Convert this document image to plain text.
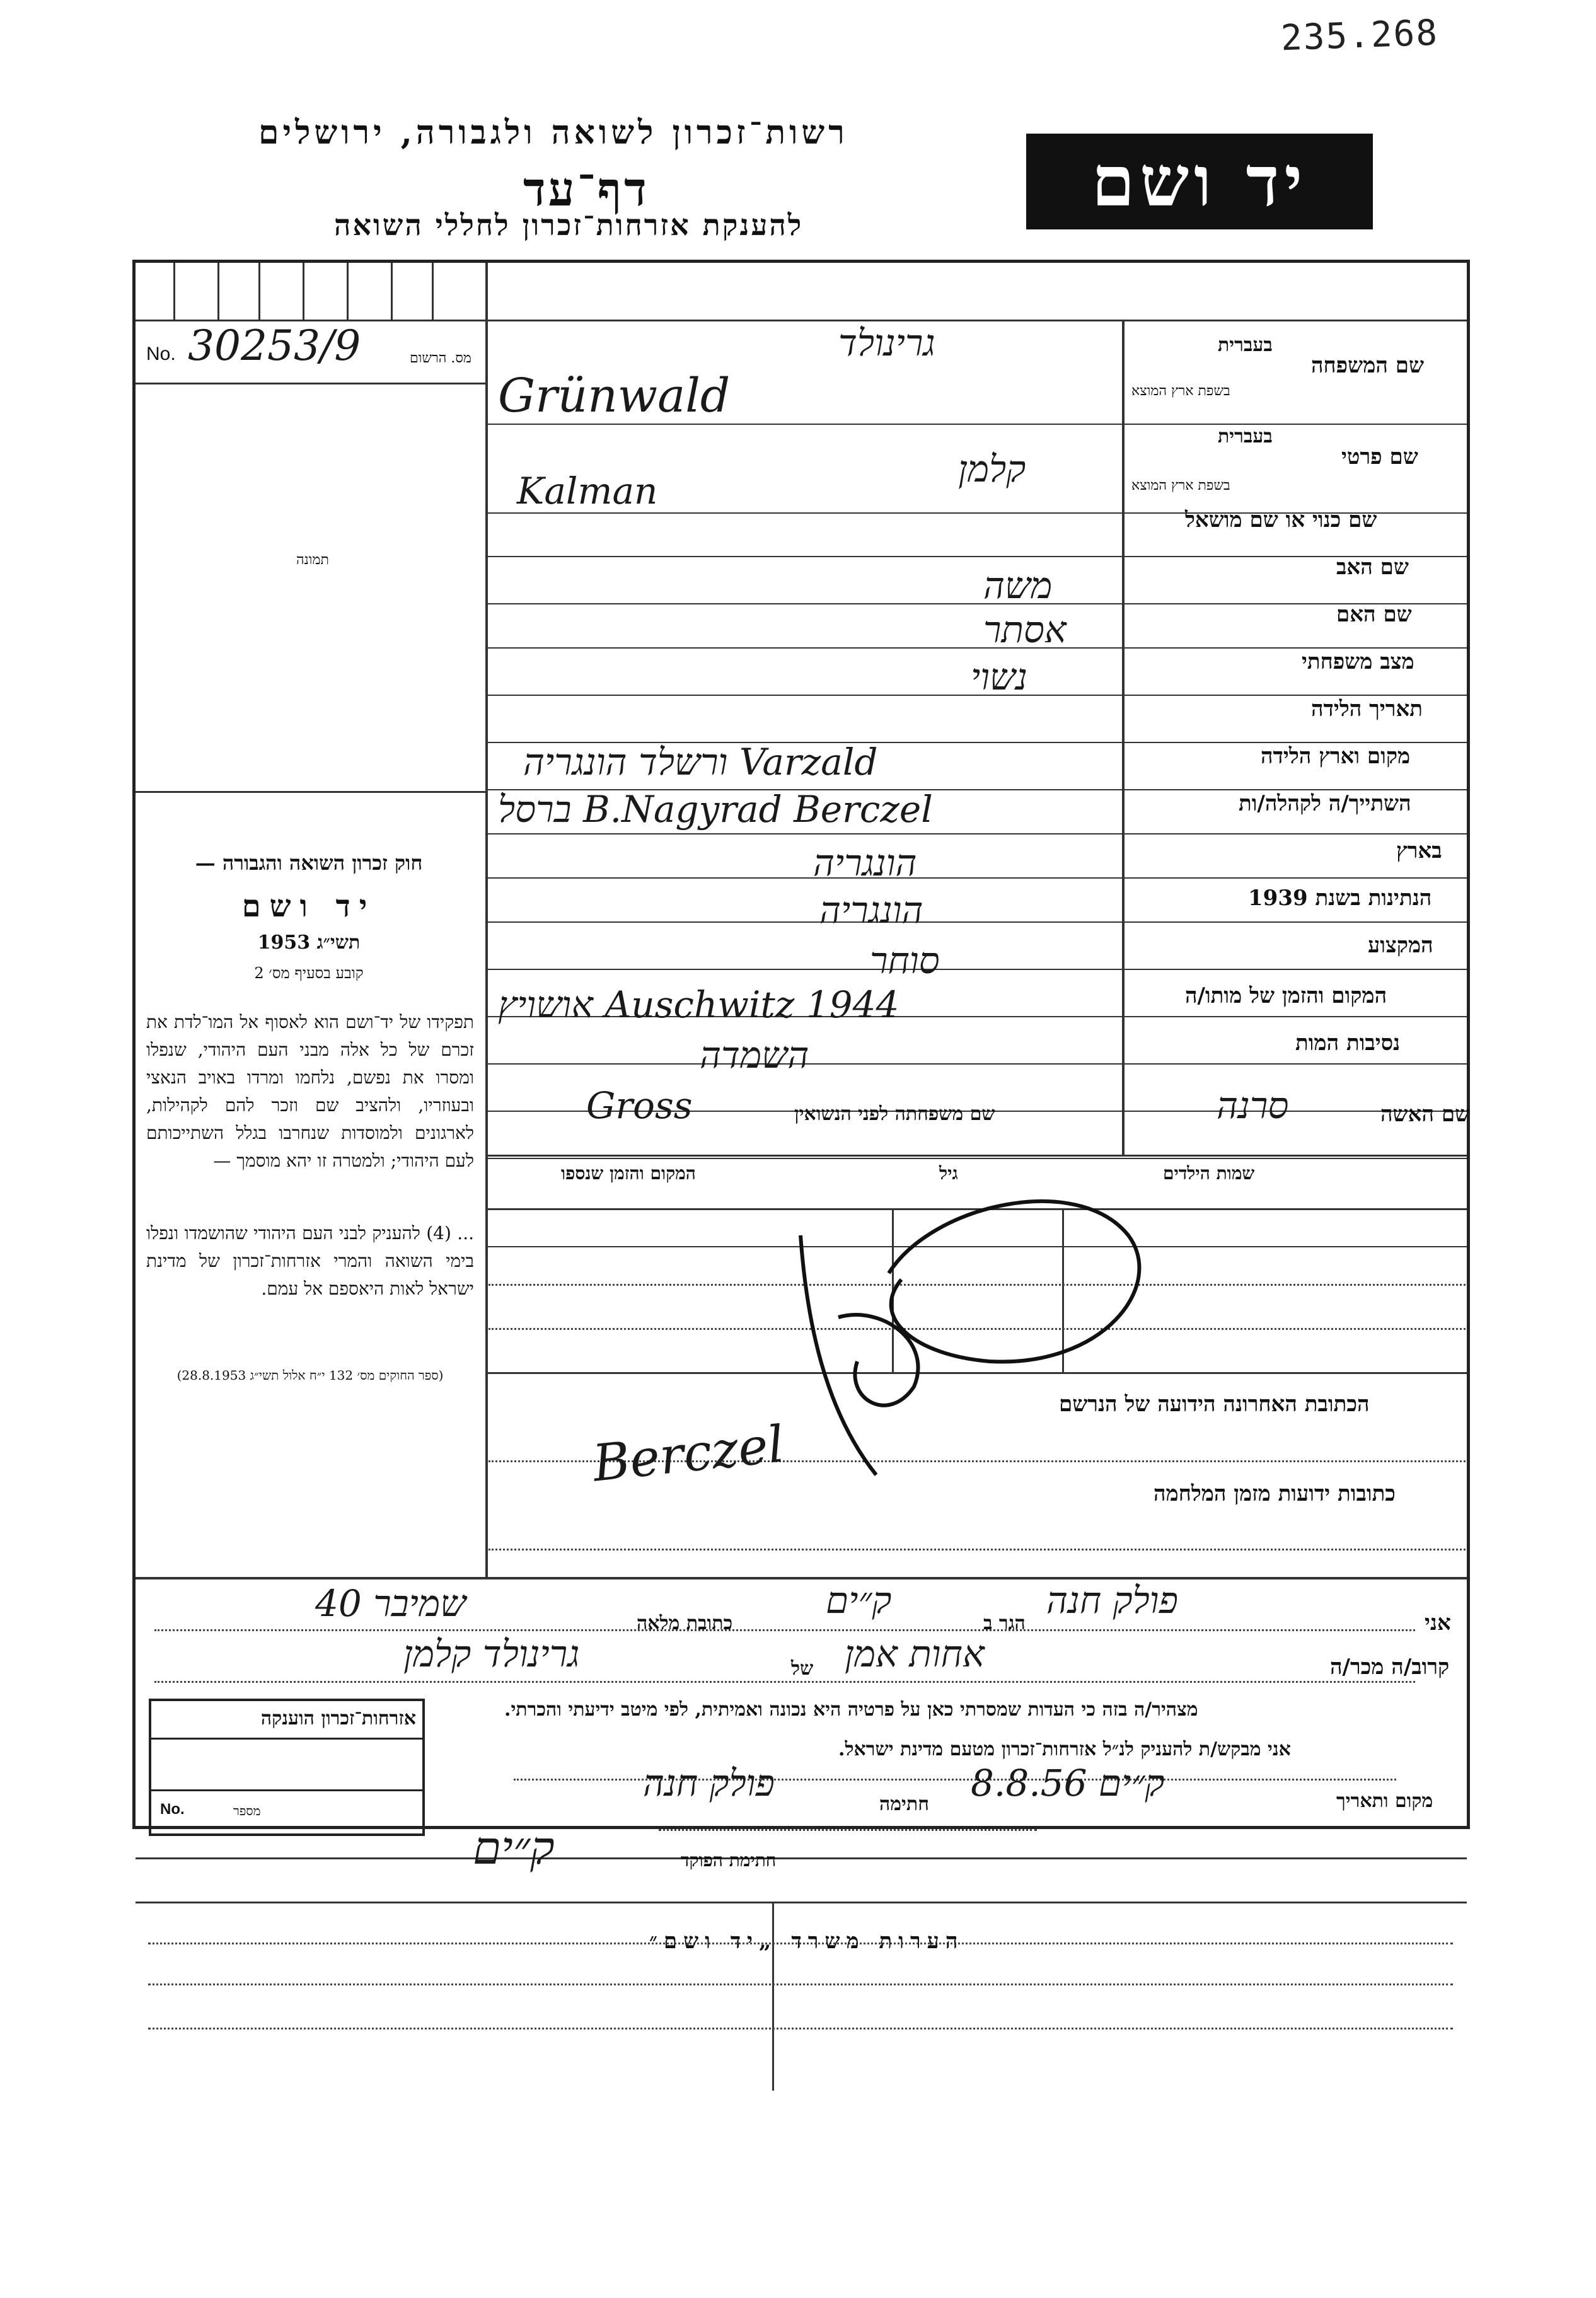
235.268
רשות־זכרון לשואה ולגבורה, ירושלים
דף־עד
להענקת אזרחות־זכרון לחללי השואה
יד ושם
No. 30253/9	מס. הרשום
תמונה
שם המשפחה
בעברית
בשפת ארץ המוצא
גרינולד
Grünwald
שם פרטי
בעברית
בשפת ארץ המוצא
קלמן
Kalman
שם כנוי או שם מושאל
שם האב
משה
שם האם
אסתר
מצב משפחתי
נשוי
תאריך הלידה
מקום וארץ הלידה
ורשלד הונגריה Varzald
השתייך/ה לקהלה/ות
ברסל B.Nagyrad Berczel
בארץ
הונגריה
הנתינות בשנת 1939
הונגריה
המקצוע
סוחר
המקום והזמן של מותו/ה
אושויץ Auschwitz 1944
נסיבות המות
השמדה
שם האשה
סרנה
שם משפחתה לפני הנשואין
Gross
שמות הילדים
גיל
המקום והזמן שנספו
הכתובת האחרונה הידועה של הנרשם
Berczel
כתובות ידועות מזמן המלחמה
אני
פולק חנה
הגר ב
ק״ים
כתובת מלאה
שמיבר 40
קרוב/ה מכר/ה
אחות אמן
של
גרינולד קלמן
מצהיר/ה בזה כי העדות שמסרתי כאן על פרטיה היא נכונה ואמיתית, לפי מיטב ידיעתי והכרתי.
אני מבקש/ת להעניק לנ״ל אזרחות־זכרון מטעם מדינת ישראל.
מקום ותאריך
ק״ים 8.8.56
חתימה
פולק חנה
חתימת הפוקד
ק״ים
אזרחות־זכרון הוענקה
No.	מספר
חוק זכרון השואה והגבורה —
יד ושם
תשי״ג 1953
קובע בסעיף מס׳ 2
תפקידו של יד־ושם הוא לאסוף אל המו־לדת את זכרם של כל אלה מבני העם היהודי, שנפלו ומסרו את נפשם, נלחמו ומרדו באויב הנאצי ובעוזריו, ולהציב שם וזכר להם לקהילות, לארגונים ולמוסדות שנחרבו בגלל השתייכותם לעם היהודי; ולמטרה זו יהא מוסמך —
... (4) להעניק לבני העם היהודי שהושמדו ונפלו בימי השואה והמרי אזרחות־זכרון של מדינת ישראל לאות היאספם אל עמם.
(ספר החוקים מס׳ 132 י״ח אלול תשי״ג 28.8.1953)
הערות משרד „יד ושם״
